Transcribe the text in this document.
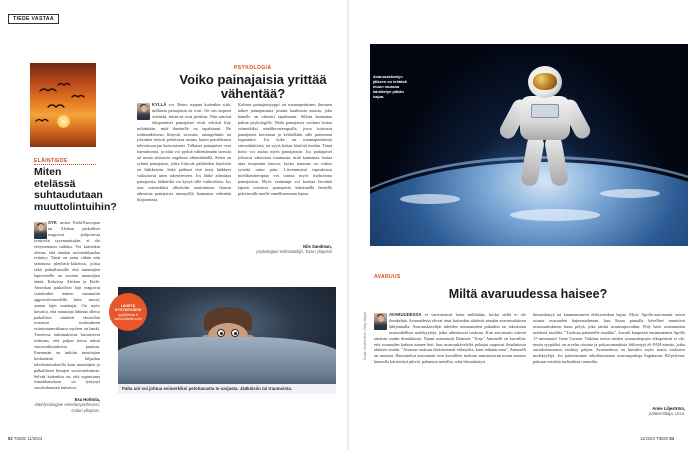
TIEDE VASTAA
ELÄINTIEDE
Miten etelässä suhtaudutaan muuttolintuihin?
SYK miten Etelä-Euroopan tai Afrikan paikalliset reagoivat pohjoisesta ryntyviin syysmuuttajiin, ei ole erityisemmin tutkittu. Voi kuitenkin olettaa, että ainakin ravintokilpailua esiintyy. Tämä on saatu vähän niin sanotussa playback-kokeissa, joissa sekä paikallisnuille että muuttajien laptoverelle on soitettu muuttajien ääntä. Kokeissa Afrikan ja Etelä-Amerikan paikalliset lajit reagoivat soitettuihin äänien useammin aggressiivisuudella kuin tuoset, saman lajin muuttajat. On myös havaittu, että muuttajat lähinnä olleisa paikalliset säätävät elostoihin esistessä ruoksinkeen esiintyminestikansa myöten on hanki. Tuoreissa tutkimuksissa havaitsevat todetaan, että paljon tietoa näistä vuorovaikutuksista puuttuu. Enemmän on tutkittu muuttajien keskinäistä kilpailua talvehtimisalueilla kuin muuttajien ja paikallisten lintujen vuorovaikutusta. Selvää kuitenkin on, että sopeutuma rinnakkaiseloon on tyntynyt vuosituhansien kuluessa.
Esa Hohtola,
eläinfysiologian emeritusprofessori, Oulun yliopisto.
PSYKOLOGIA
Voiko painajaisia yrittää vähentää?
KYLLÄ voi. Reino riippuu kuitenkin siitä, millaisia painajaisia ne ovat. On siis tarpeen selvittää, mistä ne ovat peräisin. Niin sanotut idiopaattiset painajaiset eivät selvästi liity mihinkään, mitä ihmiselle on tapahtunut. Ne todennäköisesti liittyvät stressiin, unongelmiin tai johonkin tietysti pelottavaa asiaan, kuten petoeläimen televisiosarjan katsomiseen. Tällaiset painajaiset ovat harmittomia, ja niitä voi pyrkiä vähentämään stressiä tai muita altistavia ongelmia vähentämällä. Sitten on ryhmä painajaisia, jotka liittyvät päihteiden käyttöön tai lääkkeisiin. Sekä päihteet että tietyt lääkkeet vaikuttavat unen rakenteeseen. Jos lääke aiheuttaa painajaisia, lääkäriltä voi kysyä sille vaihtoehtoa. Jos taas esimerkiksi alkoholin nauttiminen iltaisin aiheuttaa painajaisia aamuyöllä, kannattaa vähentää iltajuomista.
Kolmas painajaistyyppi on traumaperäinen: ihminen näkee painajaisunia jostain kauheasta asiasta, joka hänelle on oikeasti tapahtunut. Silloin kannattaa puhua psykologille. Näitä painajaisia voidaan hoitaa esimerkiksi mielikuvaterapialla, jossa toistuvat painajaiset kerrotaan ja kehitellään sille paremmat lopputulot. Jos koke on traumaperäisestä stressihäiriöstä, on syytä hoitaa häiriötä itseään. Tämä hoito voi auttaa myös painajaisiin. Jos painajaiset johtuvat vakavasta traumasta, niitä kannattaa hoitaa aina terapeutin kanssa, koska traumaa on vaikea työstää omin päin. Lievemmissä tapauksissa mielikuvaterapiaa voi toimia myös itsehoitona painajaisiin. Myös vanhempi voi koettaa lievittää lapsen toistuvia painajaisia keksimällä heneillä pelottavalle unelle onnellisemman lopun.
Nils Sandman,
psykologian erikoistutkija, Turun yliopisto
Paha uni voi johtua esimerkiksi pelottavasta tv-sarjasta. Jääkäisiin tai traumoista.
LÄHETÄ
KYSYMYKSESI
tyyt@tiede.fi
sanomalehti.com
82 TIEDE 11/2023
Avaruuskävelyn jälkeen on tehtävä muun muassa kärkitetyn pitkän hajua.
Kuvat: Shutterstock, Getty Images
AVARUUS
Miltä avaruudessa haisee?
AVARUUDESSA ei varsinaisesti haise millekään, koska siellä ei ole ilmakehää. Avaruudessa olevat aisat kuitenkin säätävät ainakin avaruusaluksen lähijonnalla. Avaruuskävelijät tuleiden astronauttien pukuihin on takertunut avaruudellisia molekyylejä, jotka aiheuttavat tuoksua. Kun astronautit tulevat takaisin sisään ilmalukosta. Nasan astronautti Dominic "Tony" Antonelli on kuvaillut, että avaruuden katkun tunnee heti, kun avaruuskävelyltä palaajat saapuvat ilmalukosta alukeen sisään. "Avaruus tuoksuu ehdottomasti erilaiselta, kuin mikään muu", Antonelli on sanonut. Haastateltut astronautit ovat kuvailleet tuoksun muistuttavan muun muassa kunnolla käristettyä pihviä, palanutta metallia, sekä hitsauskäryä.
hitsauskäryä tai kuumentuneen elektroniikan hajua. Myös Apollo-astronautit saivat osansa avaruuden hajumaailmaan, kun Kuun pinnalla kävelleet muuttivat avaruusalukseen kuun pölyä, joka tarttui avaruuspuvuihin. Pöly haisi astronautien mielestä ruudilta. "Tuoksua palaneelle ruudilta", kuvaili kuuperän ensimmäinen Apollo 17-astronautti Gene Cernan. Tarkkaa tietoa näiden avaruushajujen alkuperästä ei ole, mutta syypäiksi on arveltu otsonia ja polyaromaattisia hiilivetyjä eli PAH-aineita, jotka aurinkokunnassa esiintyy paljon. Avaruudessa on havaittu myös mutta tuoksuva molekyylejä. Jos päässisimme ulkoiluttamaan avaruuspukuja Sagittarius B2-pilveen, pukuun voisikin tuoksahtaa rommilta.
Anne Liljeström,
päätoimittaja, Ursa.
11/2023 TIEDE 83
